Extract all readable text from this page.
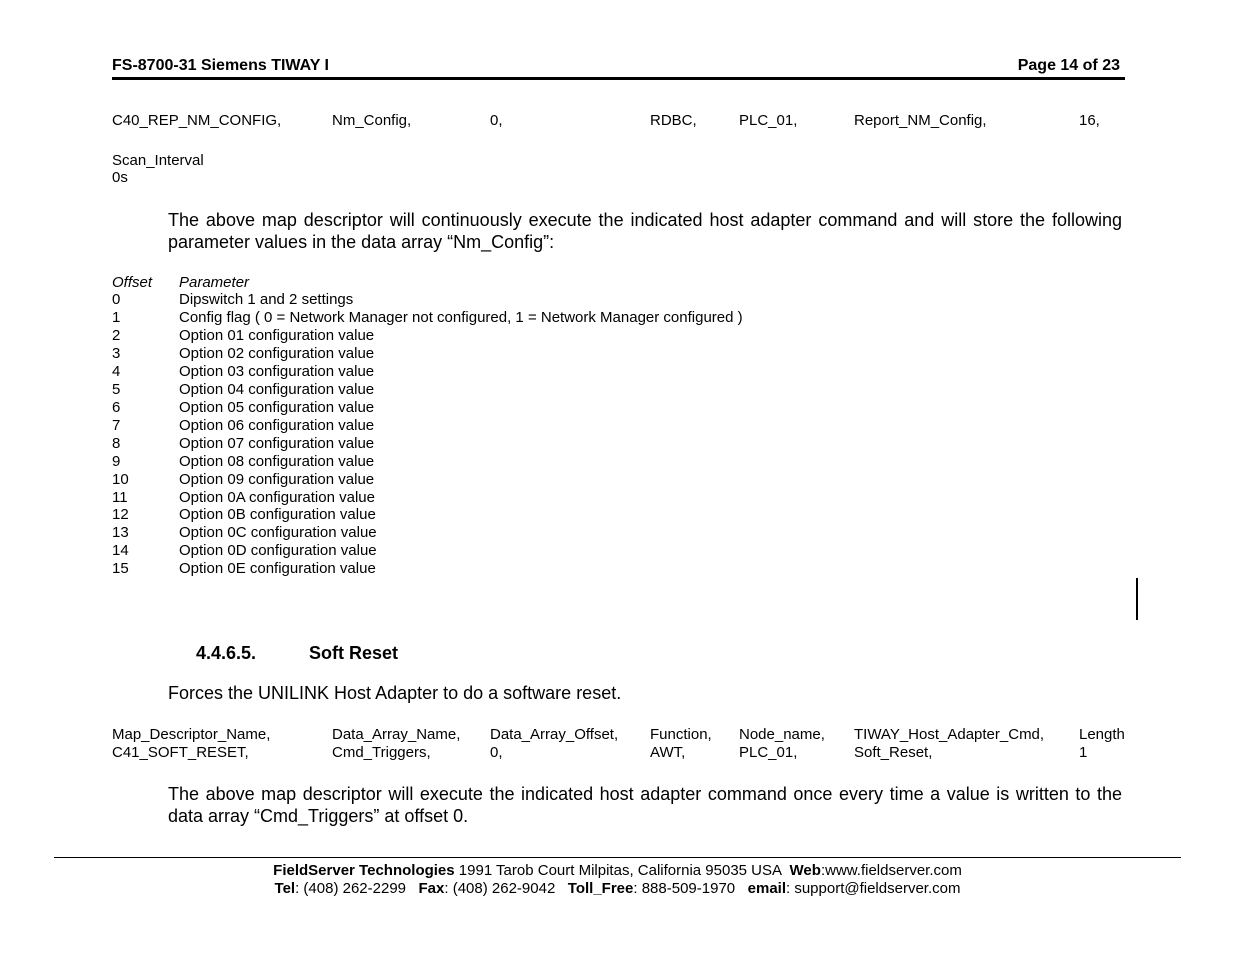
FS-8700-31 Siemens TIWAY I	Page 14 of 23
C40_REP_NM_CONFIG,	Nm_Config,	0,	RDBC,	PLC_01,	Report_NM_Config,	16,
Scan_Interval
0s
The above map descriptor will continuously execute the indicated host adapter command and will store the following parameter values in the data array “Nm_Config”:
Offset Parameter
0	Dipswitch 1 and 2 settings
1	Config flag ( 0 = Network Manager not configured, 1 = Network Manager configured )
2	Option 01 configuration value
3	Option 02 configuration value
4	Option 03 configuration value
5	Option 04 configuration value
6	Option 05 configuration value
7	Option 06 configuration value
8	Option 07 configuration value
9	Option 08 configuration value
10	Option 09 configuration value
11	Option 0A configuration value
12	Option 0B configuration value
13	Option 0C configuration value
14	Option 0D configuration value
15	Option 0E configuration value
4.4.6.5.	Soft Reset
Forces the UNILINK Host Adapter to do a software reset.
Map_Descriptor_Name,	Data_Array_Name, Data_Array_Offset, Function, Node_name, TIWAY_Host_Adapter_Cmd, Length
C41_SOFT_RESET,	Cmd_Triggers,	0,	AWT,	PLC_01,	Soft_Reset,	1
The above map descriptor will execute the indicated host adapter command once every time a value is written to the data array “Cmd_Triggers” at offset 0.
FieldServer Technologies 1991 Tarob Court Milpitas, California 95035 USA  Web:www.fieldserver.com
Tel: (408) 262-2299   Fax: (408) 262-9042   Toll_Free: 888-509-1970   email: support@fieldserver.com
